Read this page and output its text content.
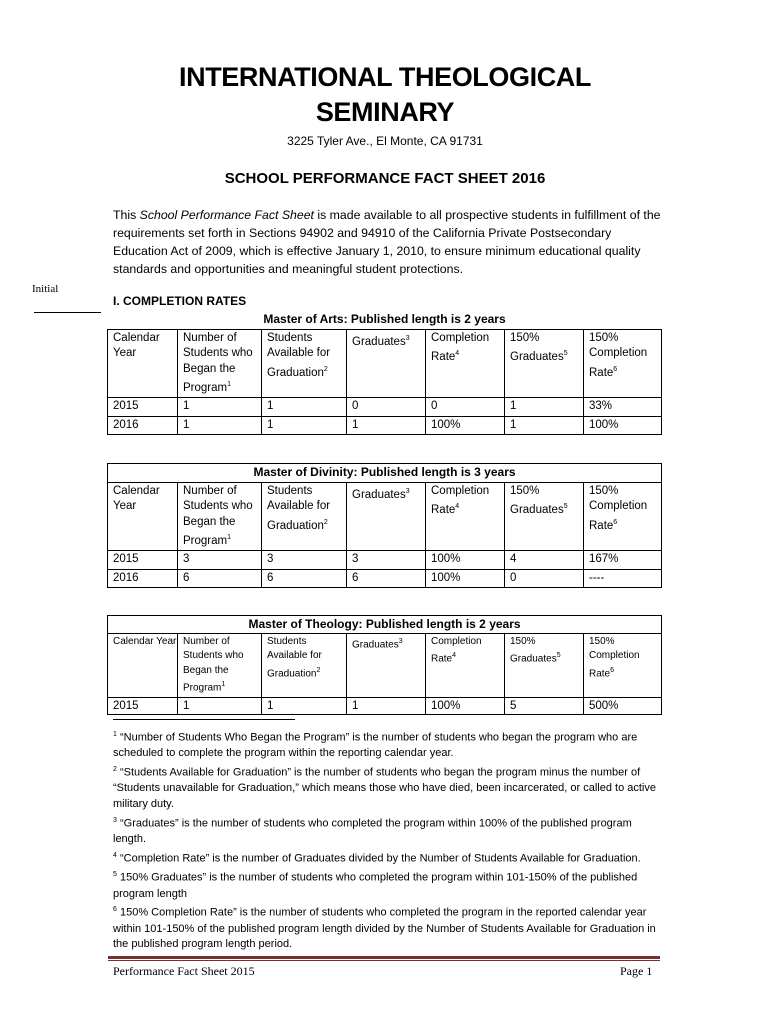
INTERNATIONAL THEOLOGICAL
SEMINARY
3225 Tyler Ave., El Monte, CA 91731
SCHOOL PERFORMANCE FACT SHEET 2016
This School Performance Fact Sheet is made available to all prospective students in fulfillment of the requirements set forth in Sections 94902 and 94910 of the California Private Postsecondary Education Act of 2009, which is effective January 1, 2010, to ensure minimum educational quality standards and opportunities and meaningful student protections.
Initial
I. COMPLETION RATES
Master of Arts: Published length is 2 years						
Calendar Year	Number of Students who Began the Program$^1$	Students Available for Graduation$^2$	Graduates$^3$	Completion Rate$^4$	150% Graduates$^5$	150% Completion Rate$^6$
2015	1	1	0	0	1	33%
2016	1	1	1	100%	1	100%
Master of Divinity: Published length is 3 years						
Calendar Year	Number of Students who Began the Program$^1$	Students Available for Graduation$^2$	Graduates$^3$	Completion Rate$^4$	150% Graduates$^5$	150% Completion Rate$^6$
2015	3	3	3	100%	4	167%
2016	6	6	6	100%	0	----
Master of Theology: Published length is 2 years						
Calendar Year	Number of Students who Began the Program$^1$	Students Available for Graduation$^2$	Graduates$^3$	Completion Rate$^4$	150% Graduates$^5$	150% Completion Rate$^6$
2015	1	1	1	100%	5	500%

$^1$ “Number of Students Who Began the Program” is the number of students who began the program who are scheduled to complete the program within the reporting calendar year.

$^2$ “Students Available for Graduation” is the number of students who began the program minus the number of “Students unavailable for Graduation,” which means those who have died, been incarcerated, or called to active military duty.

$^3$ “Graduates” is the number of students who completed the program within 100% of the published program length.

$^4$ “Completion Rate” is the number of Graduates divided by the Number of Students Available for Graduation.

$^5$ 150% Graduates” is the number of students who completed the program within 101-150% of the published program length

$^6$ 150% Completion Rate” is the number of students who completed the program in the reported calendar year within 101-150% of the published program length divided by the Number of Students Available for Graduation in the published program length period.

Performance Fact Sheet 2015	Page 1
